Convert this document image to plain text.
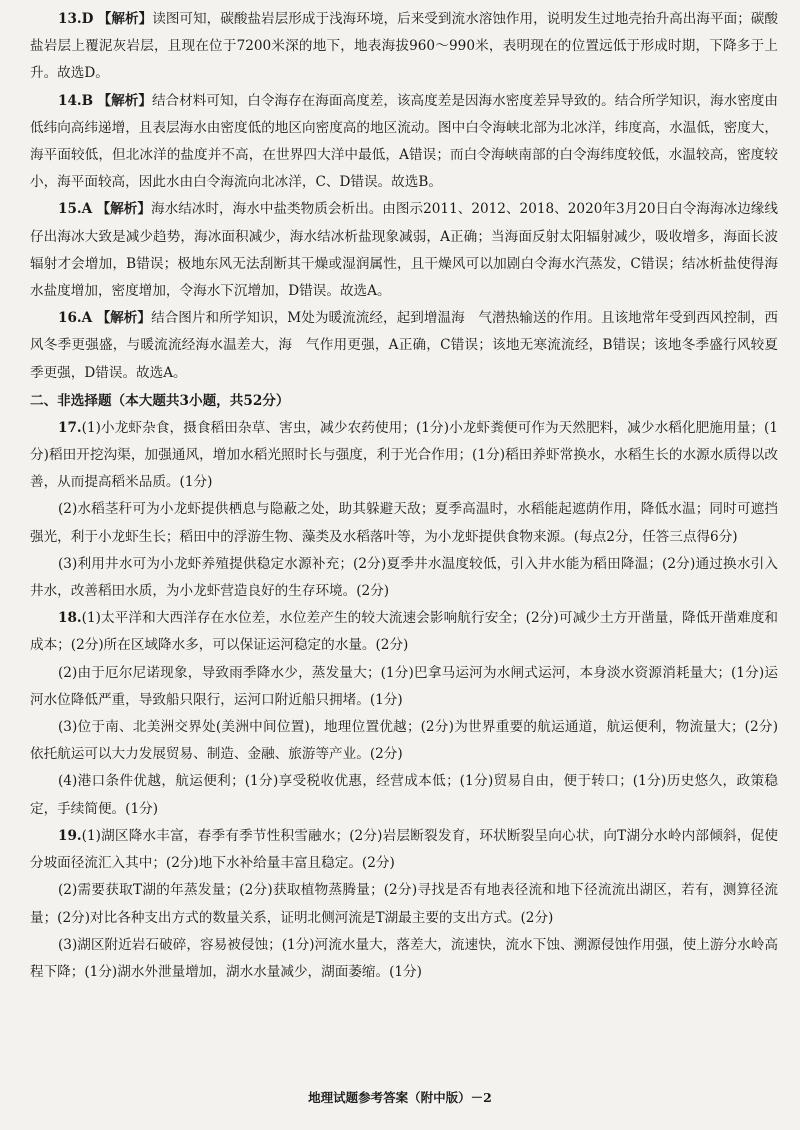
13.D 【解析】读图可知，碳酸盐岩层形成于浅海环境，后来受到流水溶蚀作用，说明发生过地壳抬升高出海平面；碳酸盐岩层上覆泥灰岩层，且现在位于7200米深的地下，地表海拔960～990米，表明现在的位置远低于形成时期，下降多于上升。故选D。

14.B 【解析】结合材料可知，白令海存在海面高度差，该高度差是因海水密度差异导致的。结合所学知识，海水密度由低纬向高纬递增，且表层海水由密度低的地区向密度高的地区流动。图中白令海峡北部为北冰洋，纬度高，水温低，密度大，海平面较低，但北冰洋的盐度并不高，在世界四大洋中最低，A错误；而白令海峡南部的白令海纬度较低，水温较高，密度较小，海平面较高，因此水由白令海流向北冰洋，C、D错误。故选B。

15.A 【解析】海水结冰时，海水中盐类物质会析出。由图示2011、2012、2018、2020年3月20日白令海海冰边缘线仔出海冰大致是减少趋势，海冰面积减少，海水结冰析盐现象减弱，A正确；当海面反射太阳辐射减少，吸收增多，海面长波辐射才会增加，B错误；极地东风无法刮断其干燥或湿润属性，且干燥风可以加剧白令海水汽蒸发，C错误；结冰析盐使得海水盐度增加，密度增加，令海水下沉增加，D错误。故选A。

16.A 【解析】结合图片和所学知识，M处为暖流流经，起到增温海　气潜热输送的作用。且该地常年受到西风控制，西风冬季更强盛，与暖流流经海水温差大，海　气作用更强，A正确，C错误；该地无寒流流经，B错误；该地冬季盛行风较夏季更强，D错误。故选A。

二、非选择题（本大题共3小题，共52分）

17.(1)小龙虾杂食，摄食稻田杂草、害虫，减少农药使用；(1分)小龙虾粪便可作为天然肥料，减少水稻化肥施用量；(1分)稻田开挖沟渠，加强通风，增加水稻光照时长与强度，利于光合作用；(1分)稻田养虾常换水，水稻生长的水源水质得以改善，从而提高稻米品质。(1分)

(2)水稻茎秆可为小龙虾提供栖息与隐蔽之处，助其躲避天敌；夏季高温时，水稻能起遮荫作用，降低水温；同时可遮挡强光，利于小龙虾生长；稻田中的浮游生物、藻类及水稻落叶等，为小龙虾提供食物来源。(每点2分，任答三点得6分)

(3)利用井水可为小龙虾养殖提供稳定水源补充；(2分)夏季井水温度较低，引入井水能为稻田降温；(2分)通过换水引入井水，改善稻田水质，为小龙虾营造良好的生存环境。(2分)

18.(1)太平洋和大西洋存在水位差，水位差产生的较大流速会影响航行安全；(2分)可减少土方开凿量，降低开凿难度和成本；(2分)所在区域降水多，可以保证运河稳定的水量。(2分)

(2)由于厄尔尼诺现象，导致雨季降水少，蒸发量大；(1分)巴拿马运河为水闸式运河，本身淡水资源消耗量大；(1分)运河水位降低严重，导致船只限行，运河口附近船只拥堵。(1分)

(3)位于南、北美洲交界处(美洲中间位置)，地理位置优越；(2分)为世界重要的航运通道，航运便利，物流量大；(2分)依托航运可以大力发展贸易、制造、金融、旅游等产业。(2分)

(4)港口条件优越，航运便利；(1分)享受税收优惠，经营成本低；(1分)贸易自由，便于转口；(1分)历史悠久，政策稳定，手续简便。(1分)

19.(1)湖区降水丰富，春季有季节性积雪融水；(2分)岩层断裂发育，环状断裂呈向心状，向T湖分水岭内部倾斜，促使分坡面径流汇入其中；(2分)地下水补给量丰富且稳定。(2分)

(2)需要获取T湖的年蒸发量；(2分)获取植物蒸腾量；(2分)寻找是否有地表径流和地下径流流出湖区，若有，测算径流量；(2分)对比各种支出方式的数量关系，证明北侧河流是T湖最主要的支出方式。(2分)

(3)湖区附近岩石破碎，容易被侵蚀；(1分)河流水量大，落差大，流速快，流水下蚀、溯源侵蚀作用强，使上游分水岭高程下降；(1分)湖水外泄量增加，湖水水量减少，湖面萎缩。(1分)

地理试题参考答案（附中版）－2
